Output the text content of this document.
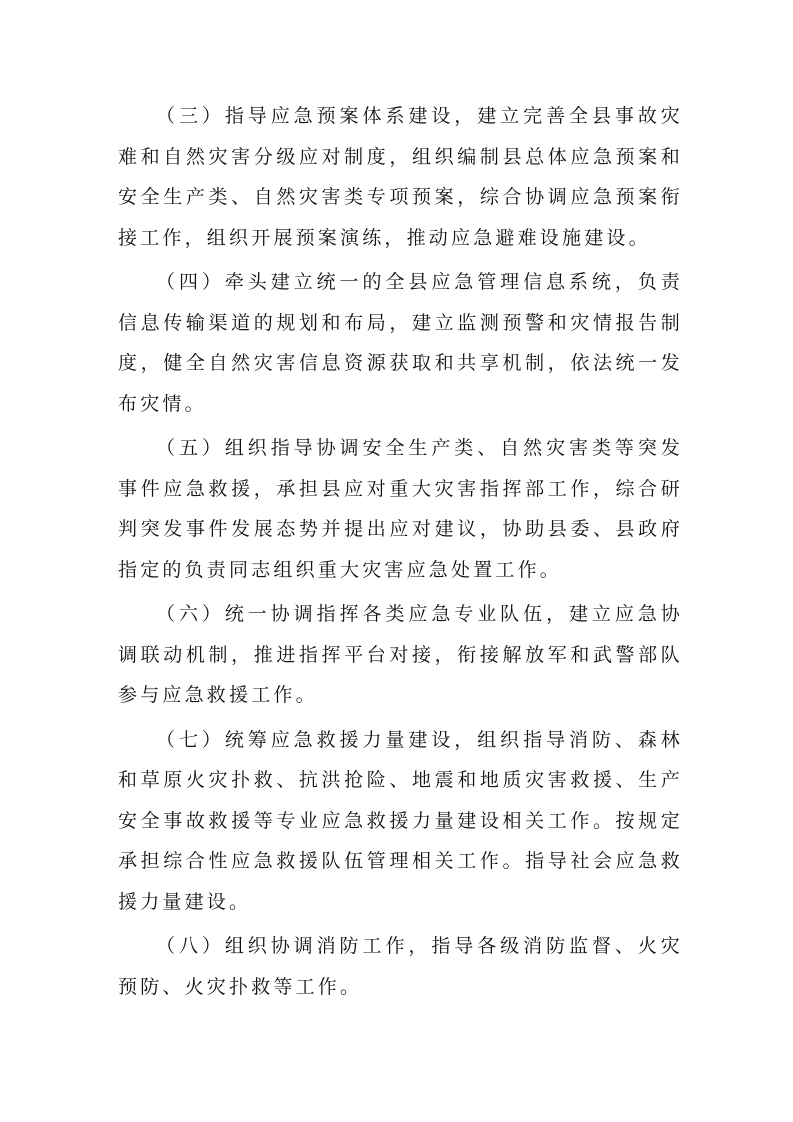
（三）指导应急预案体系建设，建立完善全县事故灾难和自然灾害分级应对制度，组织编制县总体应急预案和安全生产类、自然灾害类专项预案，综合协调应急预案衔接工作，组织开展预案演练，推动应急避难设施建设。

（四）牵头建立统一的全县应急管理信息系统，负责信息传输渠道的规划和布局，建立监测预警和灾情报告制度，健全自然灾害信息资源获取和共享机制，依法统一发布灾情。

（五）组织指导协调安全生产类、自然灾害类等突发事件应急救援，承担县应对重大灾害指挥部工作，综合研判突发事件发展态势并提出应对建议，协助县委、县政府指定的负责同志组织重大灾害应急处置工作。

（六）统一协调指挥各类应急专业队伍，建立应急协调联动机制，推进指挥平台对接，衔接解放军和武警部队参与应急救援工作。

（七）统筹应急救援力量建设，组织指导消防、森林和草原火灾扑救、抗洪抢险、地震和地质灾害救援、生产安全事故救援等专业应急救援力量建设相关工作。按规定承担综合性应急救援队伍管理相关工作。指导社会应急救援力量建设。

（八）组织协调消防工作，指导各级消防监督、火灾预防、火灾扑救等工作。
